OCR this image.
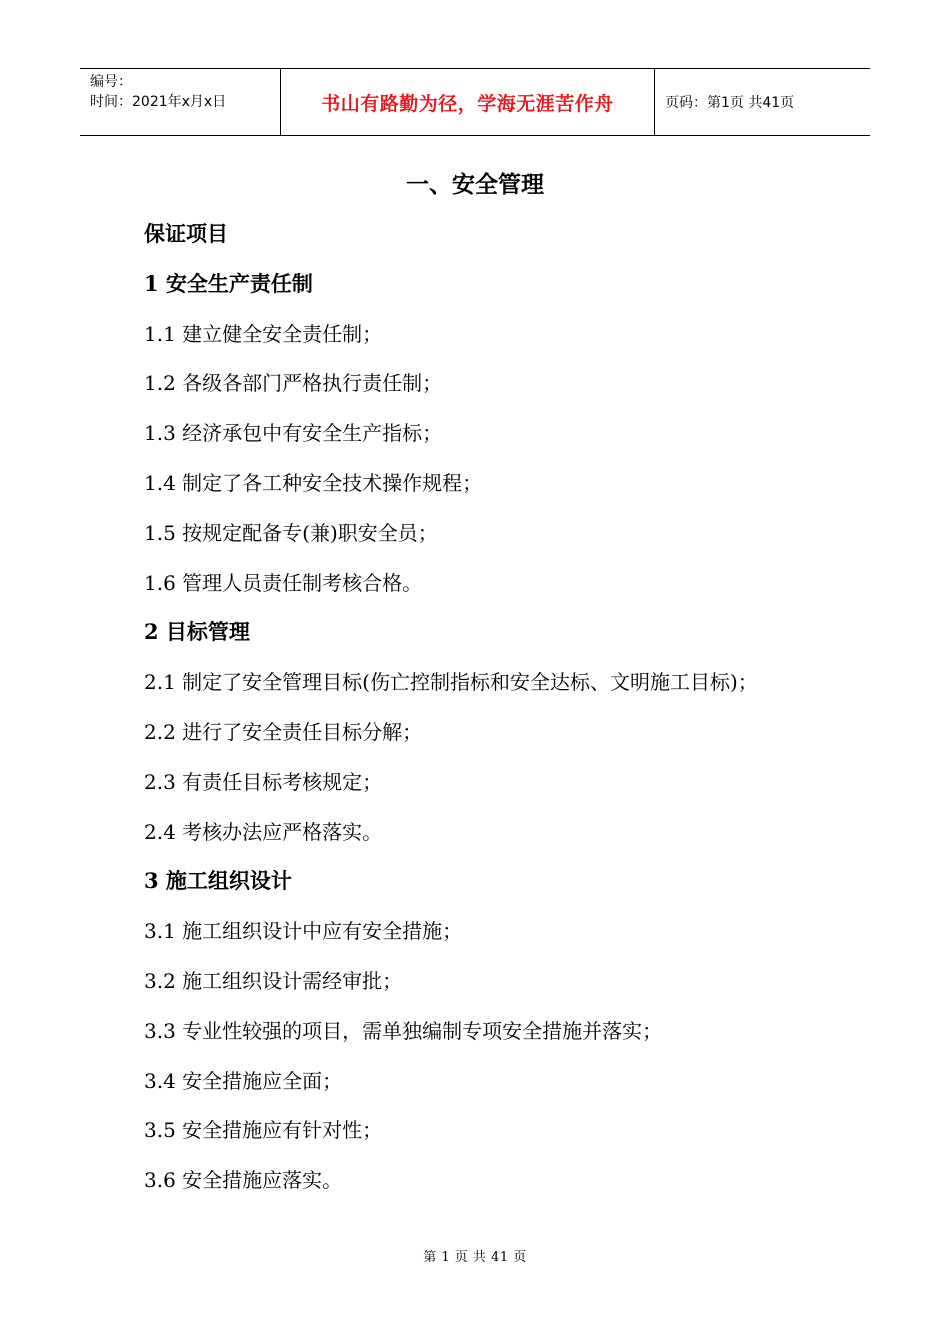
编号：
时间：2021年x月x日	书山有路勤为径，学海无涯苦作舟	页码：第1页 共41页
一、安全管理
保证项目
1 安全生产责任制
1.1 建立健全安全责任制；
1.2 各级各部门严格执行责任制；
1.3 经济承包中有安全生产指标；
1.4 制定了各工种安全技术操作规程；
1.5 按规定配备专(兼)职安全员；
1.6 管理人员责任制考核合格。
2 目标管理
2.1 制定了安全管理目标(伤亡控制指标和安全达标、文明施工目标)；
2.2 进行了安全责任目标分解；
2.3 有责任目标考核规定；
2.4 考核办法应严格落实。
3 施工组织设计
3.1 施工组织设计中应有安全措施；
3.2 施工组织设计需经审批；
3.3 专业性较强的项目，需单独编制专项安全措施并落实；
3.4 安全措施应全面；
3.5 安全措施应有针对性；
3.6 安全措施应落实。
第 1 页 共 41 页
